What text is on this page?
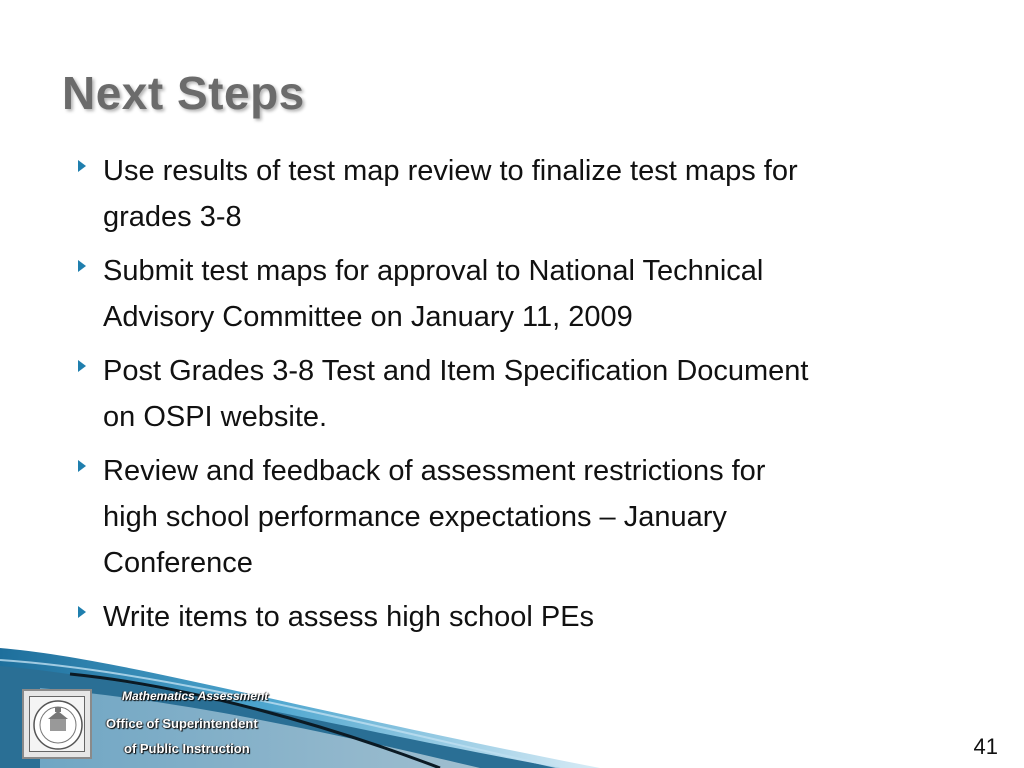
Next Steps
Use results of test map review to finalize test maps for
grades 3-8
Submit test maps for approval to National Technical
Advisory Committee on January 11, 2009
Post Grades 3-8 Test and Item Specification Document
on OSPI website.
Review and feedback of assessment restrictions for
high school performance expectations – January
Conference
Write items to assess high school PEs
Mathematics Assessment
Office of Superintendent
of Public Instruction	41
